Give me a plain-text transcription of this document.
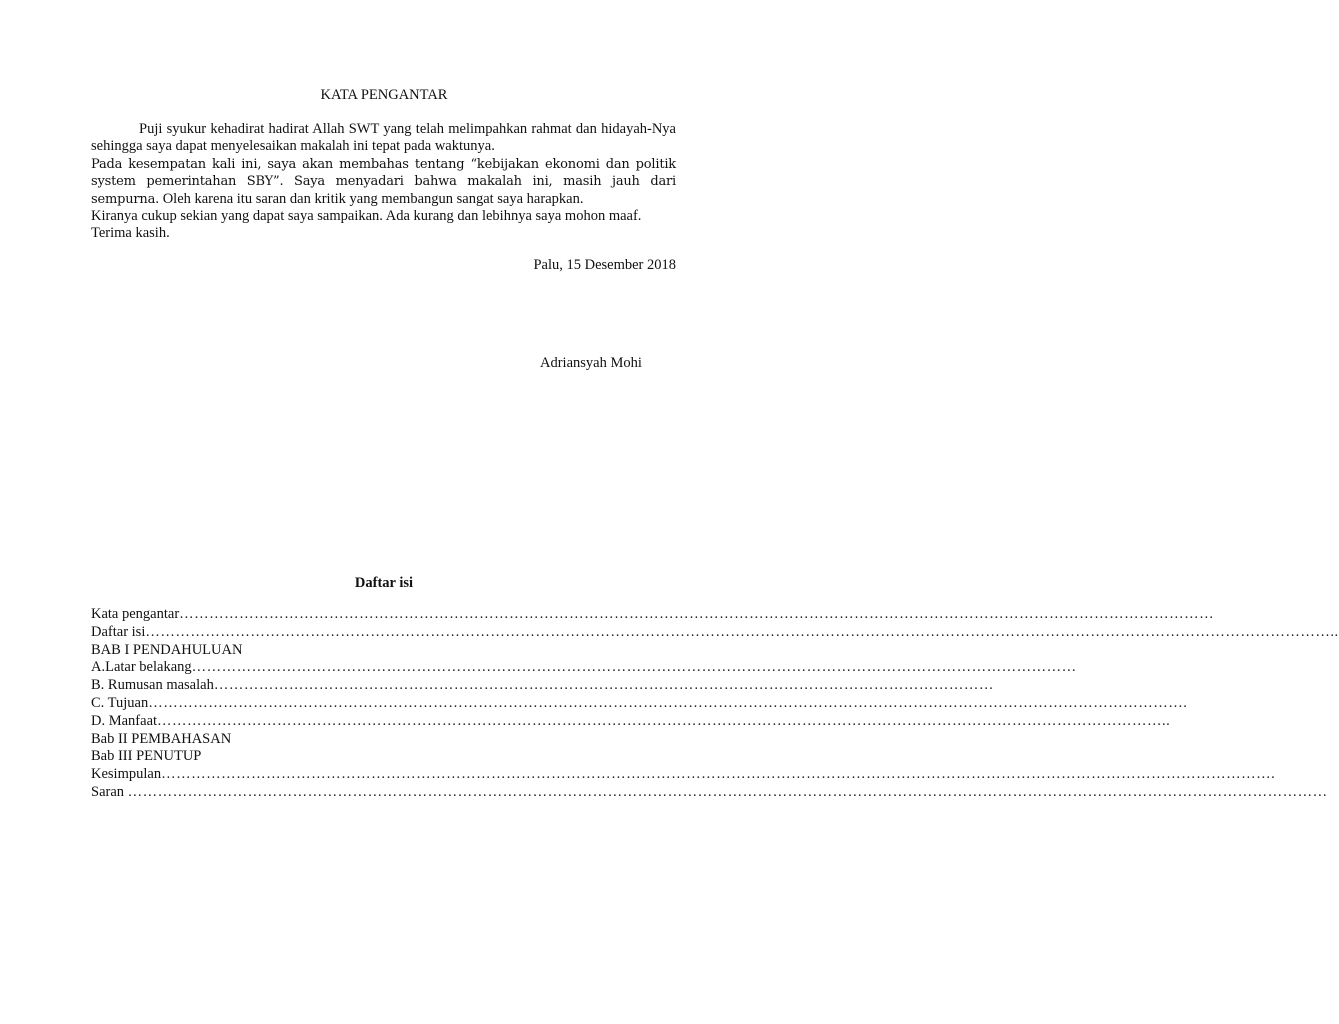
KATA PENGANTAR

Puji syukur kehadirat hadirat Allah SWT yang telah melimpahkan rahmat dan hidayah-Nya sehingga saya dapat menyelesaikan makalah ini tepat pada waktunya.

Pada kesempatan kali ini, saya akan membahas tentang “kebijakan ekonomi dan politik system pemerintahan SBY”. Saya menyadari bahwa makalah ini, masih jauh dari sempurna. Oleh karena itu saran dan kritik yang membangun sangat saya harapkan.

Kiranya cukup sekian yang dapat saya sampaikan. Ada kurang dan lebihnya saya mohon maaf. Terima kasih.

Palu, 15 Desember 2018
Adriansyah Mohi
Daftar isi
Kata pengantar………………………………………………………………………………………………………………………………………………………………………………………
Daftar isi…………………………………………………………………………………………………………………………………………………………………………………………………………………..
BAB I PENDAHULUAN
A.Latar belakang……………………………………………………………………………………………………………………………………………………………
B. Rumusan masalah…………………………………………………………………………………………………………………………………………
C. Tujuan……………………………………………………………………………………………………………………………………………………………………………………….
D. Manfaat…………………………………………………………………………………………………………………………………………………………………………………..
Bab II PEMBAHASAN
Bab III PENUTUP
Kesimpulan…………………………………………………………………………………………………………………………………………………………………………………………………….
Saran ……………………………………………………………………………………………………………………………………………………………………………………………………………………
